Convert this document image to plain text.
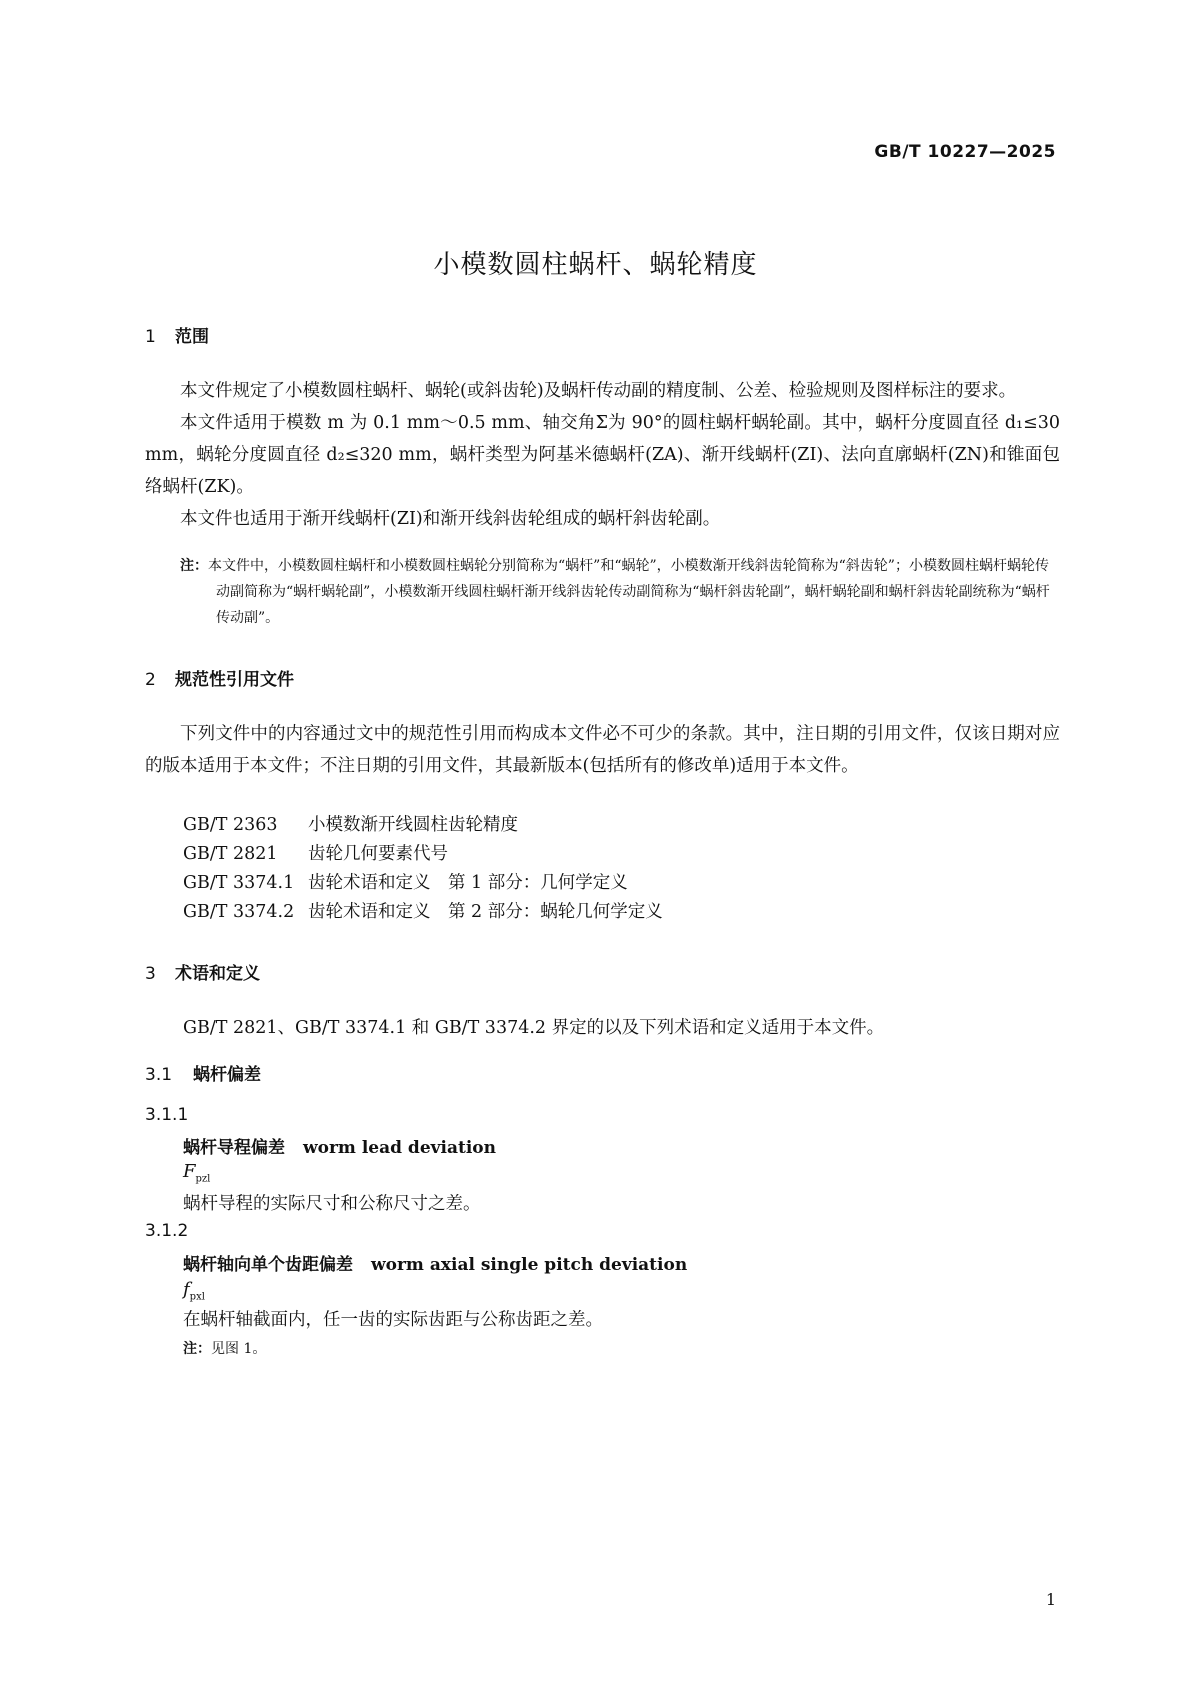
GB/T 10227—2025
小模数圆柱蜗杆、蜗轮精度
1 范围

本文件规定了小模数圆柱蜗杆、蜗轮(或斜齿轮)及蜗杆传动副的精度制、公差、检验规则及图样标注的要求。

本文件适用于模数 m 为 0.1 mm～0.5 mm、轴交角Σ为 90°的圆柱蜗杆蜗轮副。其中，蜗杆分度圆直径 d₁≤30 mm，蜗轮分度圆直径 d₂≤320 mm，蜗杆类型为阿基米德蜗杆(ZA)、渐开线蜗杆(ZI)、法向直廓蜗杆(ZN)和锥面包络蜗杆(ZK)。

本文件也适用于渐开线蜗杆(ZI)和渐开线斜齿轮组成的蜗杆斜齿轮副。

注：本文件中，小模数圆柱蜗杆和小模数圆柱蜗轮分别简称为“蜗杆”和“蜗轮”，小模数渐开线斜齿轮简称为“斜齿轮”；小模数圆柱蜗杆蜗轮传动副简称为“蜗杆蜗轮副”，小模数渐开线圆柱蜗杆渐开线斜齿轮传动副简称为“蜗杆斜齿轮副”，蜗杆蜗轮副和蜗杆斜齿轮副统称为“蜗杆传动副”。
2 规范性引用文件

下列文件中的内容通过文中的规范性引用而构成本文件必不可少的条款。其中，注日期的引用文件，仅该日期对应的版本适用于本文件；不注日期的引用文件，其最新版本(包括所有的修改单)适用于本文件。

GB/T 2363 小模数渐开线圆柱齿轮精度
GB/T 2821 齿轮几何要素代号
GB/T 3374.1 齿轮术语和定义　第 1 部分：几何学定义
GB/T 3374.2 齿轮术语和定义　第 2 部分：蜗轮几何学定义
3 术语和定义
GB/T 2821、GB/T 3374.1 和 GB/T 3374.2 界定的以及下列术语和定义适用于本文件。
3.1 蜗杆偏差
3.1.1
蜗杆导程偏差 worm lead deviation
$F_{pzl}$
蜗杆导程的实际尺寸和公称尺寸之差。
3.1.2
蜗杆轴向单个齿距偏差 worm axial single pitch deviation
$f_{pxl}$
在蜗杆轴截面内，任一齿的实际齿距与公称齿距之差。
注：见图 1。
1
